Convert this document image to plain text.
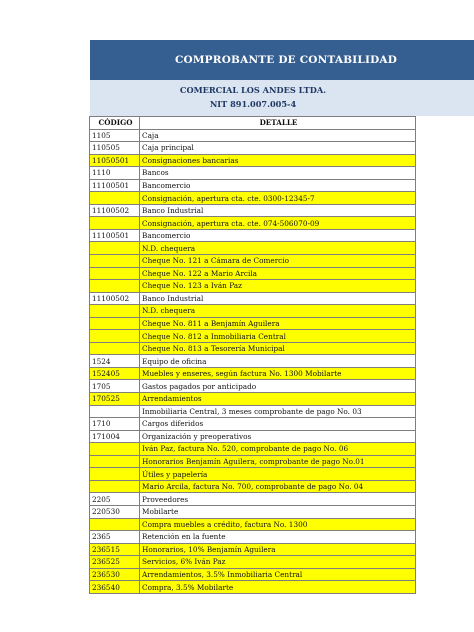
COMPROBANTE DE CONTABILIDAD
COMERCIAL LOS ANDES LTDA.
NIT 891.007.005-4
CÓDIGO	DETALLE
1105	Caja
110505	Caja principal
11050501	Consignaciones bancarias
1110	Bancos
11100501	Bancomercio
	Consignación, apertura cta. cte. 0300-12345-7
11100502	Banco Industrial
	Consignación, apertura cta. cte. 074-506070-09
11100501	Bancomercio
	N.D. chequera
	Cheque No. 121 a Cámara de Comercio
	Cheque No. 122 a Mario Arcila
	Cheque No. 123 a Iván Paz
11100502	Banco Industrial
	N.D. chequera
	Cheque No. 811 a Benjamín Aguilera
	Cheque No. 812 a Inmobiliaria Central
	Cheque No. 813 a Tesorería Municipal
1524	Equipo de oficina
152405	Muebles y enseres, según factura No. 1300 Mobilarte
1705	Gastos pagados por anticipado
170525	Arrendamientos
	Inmobiliaria Central, 3 meses comprobante de pago No. 03
1710	Cargos diferidos
171004	Organización y preoperativos
	Iván Paz, factura No. 520, comprobante de pago No. 06
	Honorarios Benjamín Aguilera, comprobante de pago No.01
	Útiles y papelería
	Mario Arcila, factura No. 700, comprobante de pago No. 04
2205	Proveedores
220530	Mobilarte
	Compra muebles a crédito, factura No. 1300
2365	Retención en la fuente
236515	Honorarios, 10% Benjamín Aguilera
236525	Servicios, 6% Iván Paz
236530	Arrendamientos, 3.5% Inmobiliaria Central
236540	Compra, 3.5% Mobilarte
